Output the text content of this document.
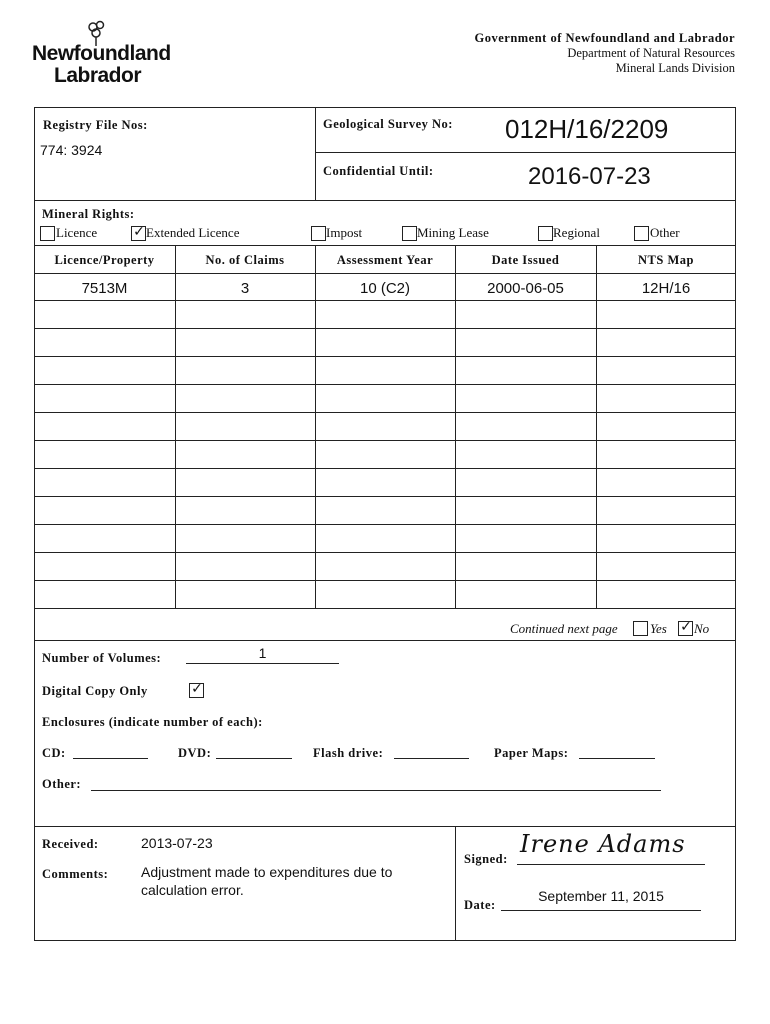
Newfoundland
Labrador
Government of Newfoundland and Labrador
Department of Natural Resources
Mineral Lands Division
Registry File Nos:
774: 3924
Geological Survey No: 012H/16/2209
Confidential Until:	2016-07-23
Mineral Rights:
Licence	✓ Extended Licence	Impost	Mining Lease	Regional	Other
Licence/Property	No. of Claims	Assessment Year	Date Issued	NTS Map
7513M	3	10 (C2)	2000-06-05	12H/16
Continued next page Yes ✓ No
Number of Volumes:	1
Digital Copy Only	✓
Enclosures (indicate number of each):
CD:	DVD:	Flash drive:	Paper Maps:
Other:
Received:	2013-07-23
Comments: Adjustment made to expenditures due to
calculation error.
Signed:
Irene Adams
Date:
September 11, 2015
